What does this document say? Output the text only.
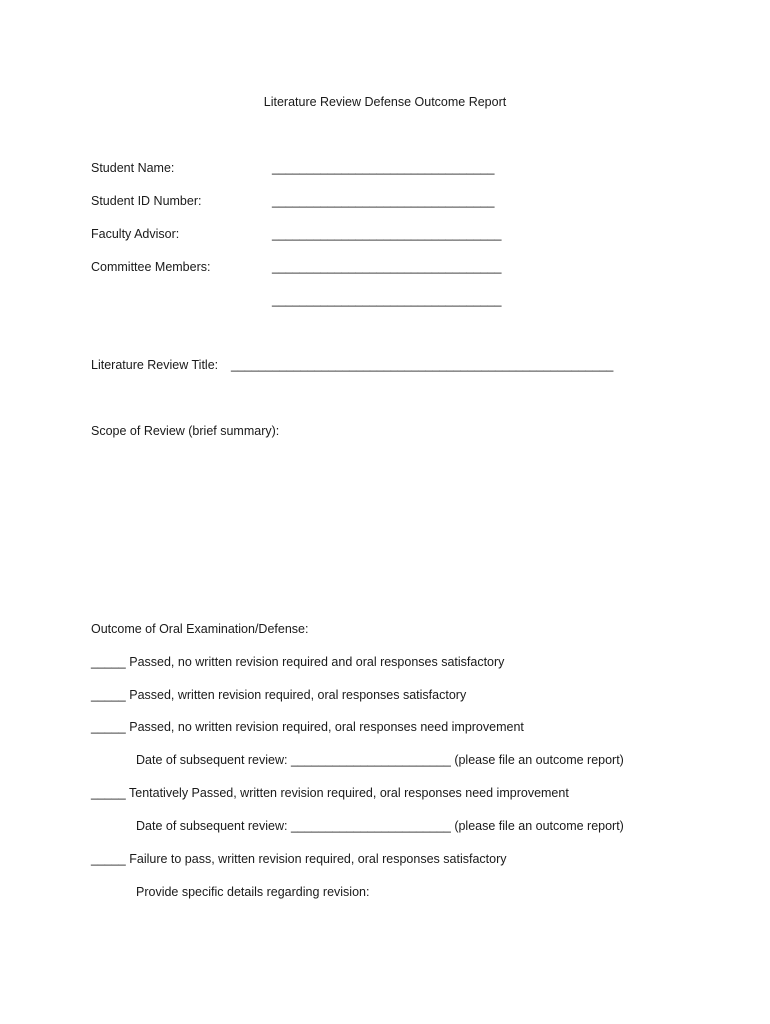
Literature Review Defense Outcome Report
Student Name:	________________________________
Student ID Number:	________________________________
Faculty Advisor:	_________________________________
Committee Members:	_________________________________
_________________________________
Literature Review Title: _______________________________________________________
Scope of Review (brief summary):
Outcome of Oral Examination/Defense:
_____ Passed, no written revision required and oral responses satisfactory
_____ Passed, written revision required, oral responses satisfactory
_____ Passed, no written revision required, oral responses need improvement
Date of subsequent review: _______________________ (please file an outcome report)
_____ Tentatively Passed, written revision required, oral responses need improvement
Date of subsequent review: _______________________ (please file an outcome report)
_____ Failure to pass, written revision required, oral responses satisfactory
Provide specific details regarding revision:
